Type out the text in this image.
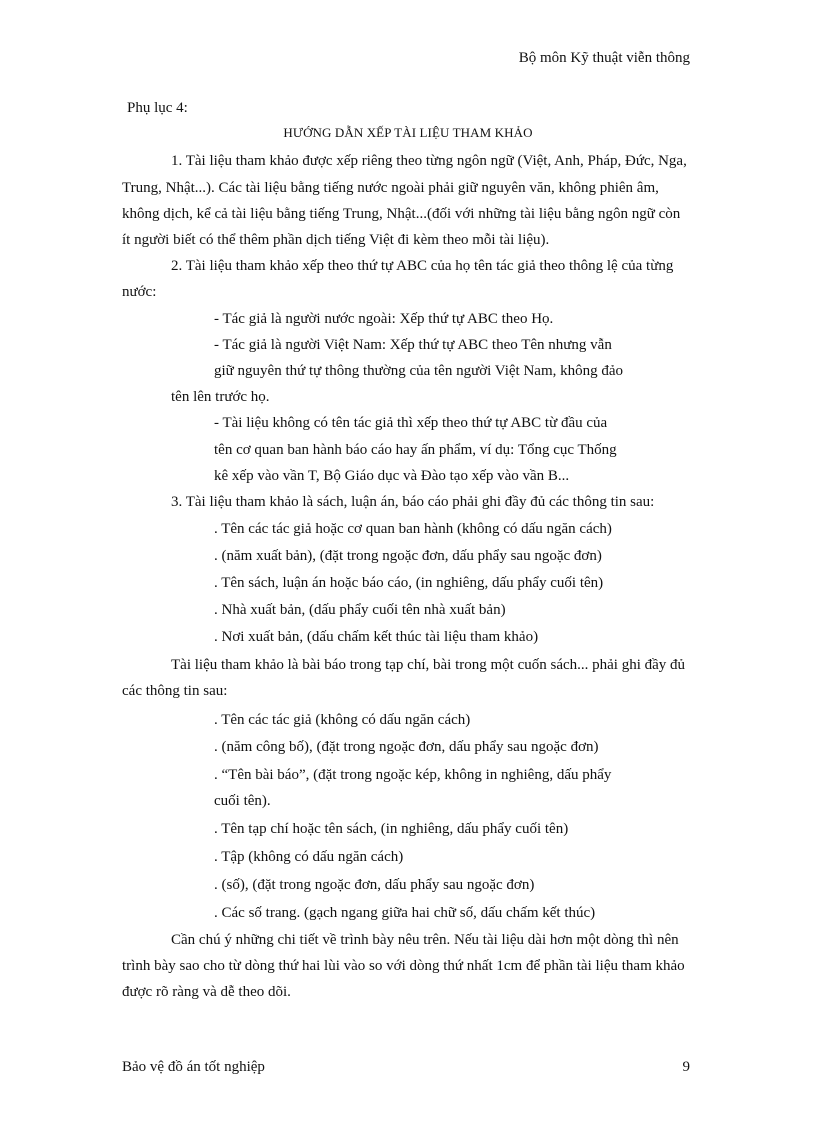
Bộ môn Kỹ thuật viễn thông
Phụ lục 4:
HƯỚNG DẪN XẾP TÀI LIỆU THAM KHẢO
1. Tài liệu tham khảo được xếp riêng theo từng ngôn ngữ (Việt, Anh, Pháp, Đức, Nga,
Trung, Nhật...). Các tài liệu bằng tiếng nước ngoài phải giữ nguyên văn, không phiên âm,
không dịch, kể cả tài liệu bằng tiếng Trung, Nhật...(đối với những tài liệu bằng ngôn ngữ còn
ít người biết có thể thêm phần dịch tiếng Việt đi kèm theo mỗi tài liệu).
2. Tài liệu tham khảo xếp theo thứ tự ABC của họ tên tác giả theo thông lệ của từng
nước:
- Tác giả là người nước ngoài: Xếp thứ tự ABC theo Họ.
- Tác giả là người Việt Nam: Xếp thứ tự ABC theo Tên nhưng vẫn
giữ nguyên thứ tự thông thường của tên người Việt Nam, không đảo
tên lên trước họ.
- Tài liệu không có tên tác giả thì xếp theo thứ tự ABC từ đầu của
tên cơ quan ban hành báo cáo hay ấn phẩm, ví dụ: Tổng cục Thống
kê xếp vào vần T, Bộ Giáo dục và Đào tạo xếp vào vần B...
3. Tài liệu tham khảo là sách, luận án, báo cáo phải ghi đầy đủ các thông tin sau:
. Tên các tác giả hoặc cơ quan ban hành (không có dấu ngăn cách)
. (năm xuất bản), (đặt trong ngoặc đơn, dấu phẩy sau ngoặc đơn)
. Tên sách, luận án hoặc báo cáo, (in nghiêng, dấu phẩy cuối tên)
. Nhà xuất bản, (dấu phẩy cuối tên nhà xuất bản)
. Nơi xuất bản, (dấu chấm kết thúc tài liệu tham khảo)
Tài liệu tham khảo là bài báo trong tạp chí, bài trong một cuốn sách... phải ghi đầy đủ
các thông tin sau:
. Tên các tác giả (không có dấu ngăn cách)
. (năm công bố), (đặt trong ngoặc đơn, dấu phẩy sau ngoặc đơn)
. “Tên bài báo”, (đặt trong ngoặc kép, không in nghiêng, dấu phẩy
cuối tên).
. Tên tạp chí hoặc tên sách, (in nghiêng, dấu phẩy cuối tên)
. Tập (không có dấu ngăn cách)
. (số), (đặt trong ngoặc đơn, dấu phẩy sau ngoặc đơn)
. Các số trang. (gạch ngang giữa hai chữ số, dấu chấm kết thúc)
Cần chú ý những chi tiết về trình bày nêu trên. Nếu tài liệu dài hơn một dòng thì nên
trình bày sao cho từ dòng thứ hai lùi vào so với dòng thứ nhất 1cm để phần tài liệu tham khảo
được rõ ràng và dễ theo dõi.
Bảo vệ đồ án tốt nghiệp	9
